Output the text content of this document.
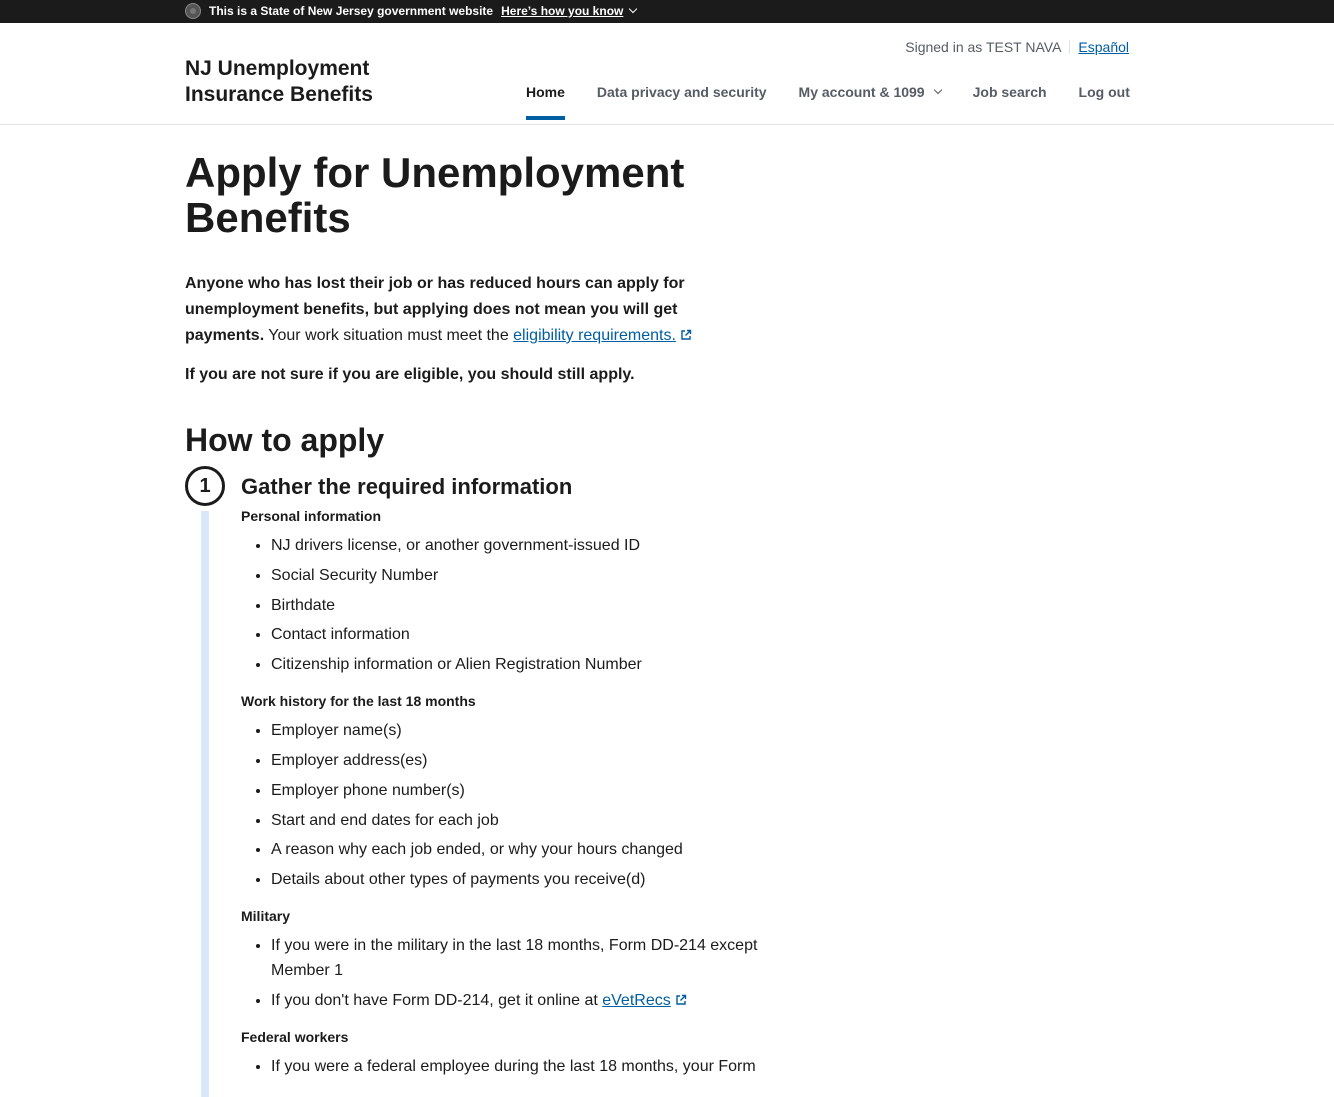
This is a State of New Jersey government website Here’s how you know
NJ Unemployment Insurance Benefits
Signed in as TEST NAVA Español
Home Data privacy and security My account & 1099	Job search Log out
Apply for Unemployment Benefits

Anyone who has lost their job or has reduced hours can apply for unemployment benefits, but applying does not mean you will get payments. Your work situation must meet the eligibility requirements.

If you are not sure if you are eligible, you should still apply.

How to apply
1	Gather the required information
Personal information
• NJ drivers license, or another government-issued ID
• Social Security Number
• Birthdate
• Contact information
• Citizenship information or Alien Registration Number
Work history for the last 18 months
• Employer name(s)
• Employer address(es)
• Employer phone number(s)
• Start and end dates for each job
• A reason why each job ended, or why your hours changed
• Details about other types of payments you receive(d)
Military
• If you were in the military in the last 18 months, Form DD-214 except Member 1
• If you don't have Form DD-214, get it online at eVetRecs
Federal workers
• If you were a federal employee during the last 18 months, your Form
